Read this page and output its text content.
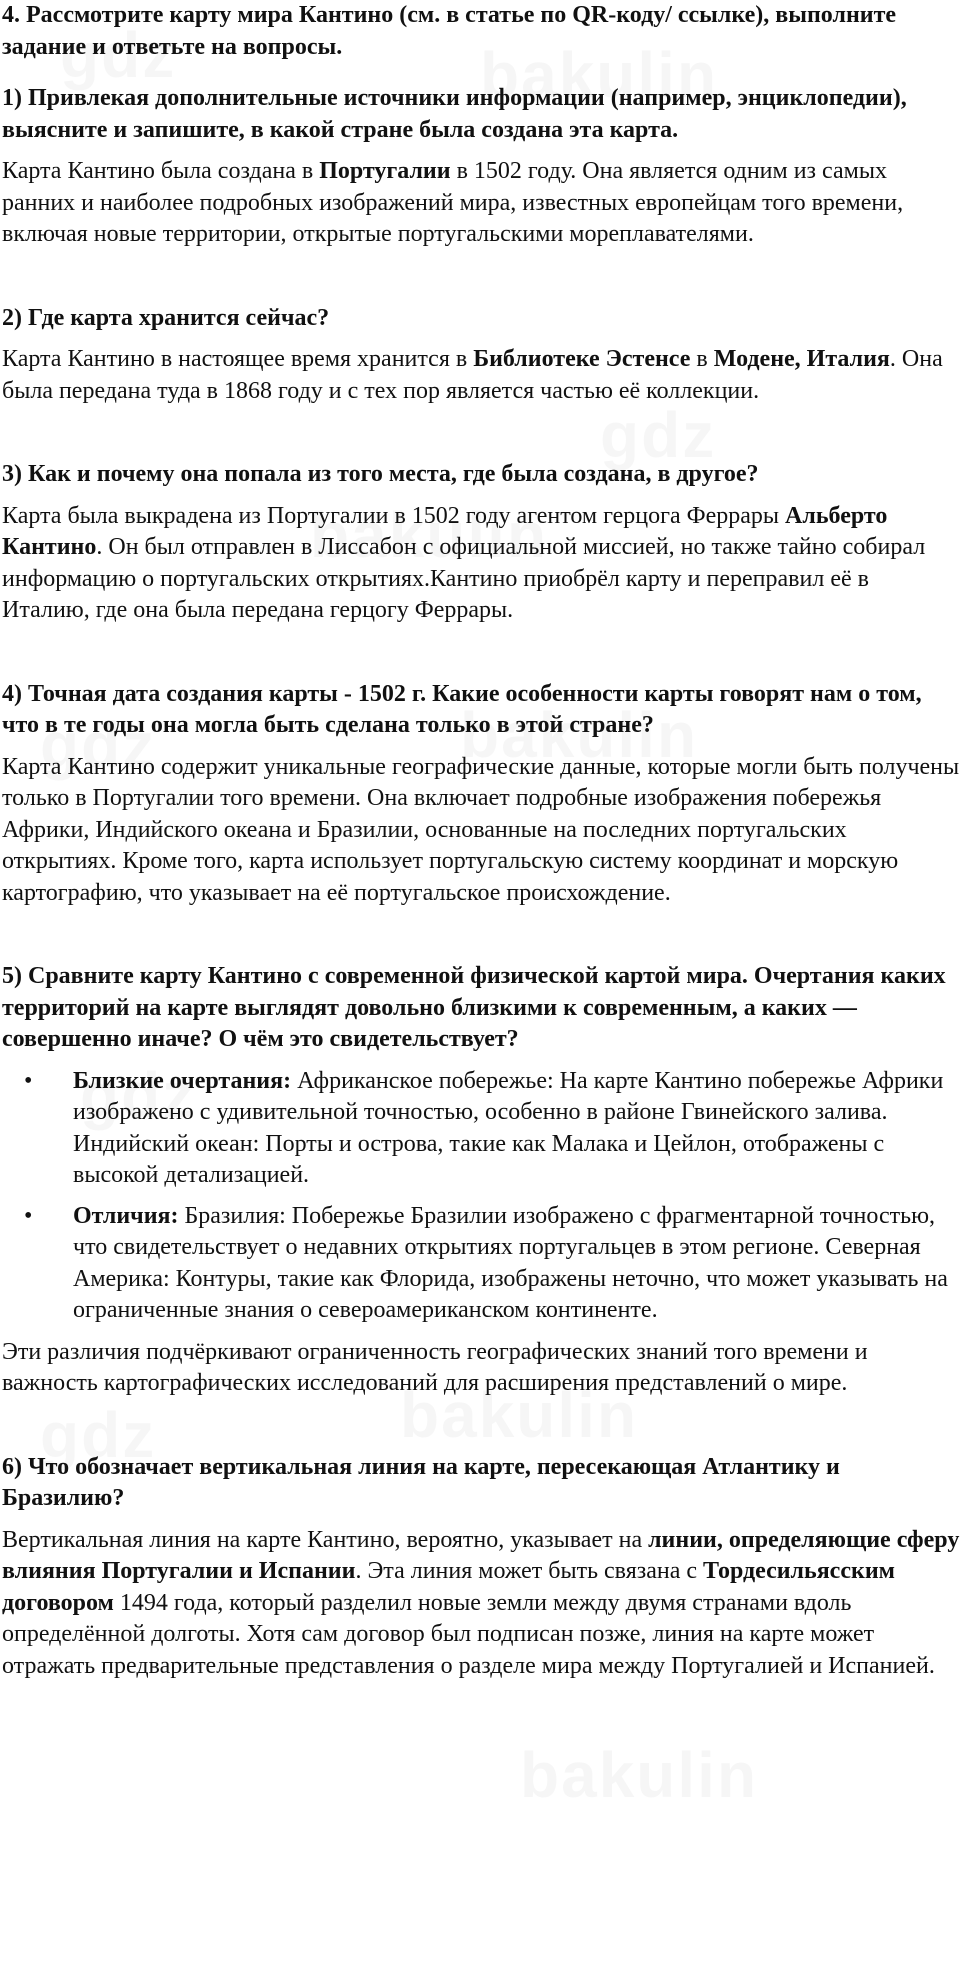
4. Рассмотрите карту мира Кантино (см. в статье по QR-коду/ ссылке), выполните задание и ответьте на вопросы.
1) Привлекая дополнительные источники информации (например, энциклопедии), выясните и запишите, в какой стране была создана эта карта.

Карта Кантино была создана в Португалии в 1502 году. Она является одним из самых ранних и наиболее подробных изображений мира, известных европейцам того времени, включая новые территории, открытые португальскими мореплавателями.

2) Где карта хранится сейчас?

Карта Кантино в настоящее время хранится в Библиотеке Эстенсе в Модене, Италия. Она была передана туда в 1868 году и с тех пор является частью её коллекции.

3) Как и почему она попала из того места, где была создана, в другое?

Карта была выкрадена из Португалии в 1502 году агентом герцога Феррары Альберто Кантино. Он был отправлен в Лиссабон с официальной миссией, но также тайно собирал информацию о португальских открытиях.Кантино приобрёл карту и переправил её в Италию, где она была передана герцогу Феррары.

4) Точная дата создания карты - 1502 г. Какие особенности карты говорят нам о том, что в те годы она могла быть сделана только в этой стране?

Карта Кантино содержит уникальные географические данные, которые могли быть получены только в Португалии того времени. Она включает подробные изображения побережья Африки, Индийского океана и Бразилии, основанные на последних португальских открытиях. Кроме того, карта использует португальскую систему координат и морскую картографию, что указывает на её португальское происхождение.

5) Сравните карту Кантино с современной физической картой мира. Очертания каких территорий на карте выглядят довольно близкими к современным, а каких — совершенно иначе? О чём это свидетельствует?
• Близкие очертания: Африканское побережье: На карте Кантино побережье Африки изображено с удивительной точностью, особенно в районе Гвинейского залива. Индийский океан: Порты и острова, такие как Малака и Цейлон, отображены с высокой детализацией.
• Отличия: Бразилия: Побережье Бразилии изображено с фрагментарной точностью, что свидетельствует о недавних открытиях португальцев в этом регионе. Северная Америка: Контуры, такие как Флорида, изображены неточно, что может указывать на ограниченные знания о североамериканском континенте.

Эти различия подчёркивают ограниченность географических знаний того времени и важность картографических исследований для расширения представлений о мире.

6) Что обозначает вертикальная линия на карте, пересекающая Атлантику и Бразилию?

Вертикальная линия на карте Кантино, вероятно, указывает на линии, определяющие сферу влияния Португалии и Испании. Эта линия может быть связана с Тордесильясским договором 1494 года, который разделил новые земли между двумя странами вдоль определённой долготы. Хотя сам договор был подписан позже, линия на карте может отражать предварительные представления о разделе мира между Португалией и Испанией.
